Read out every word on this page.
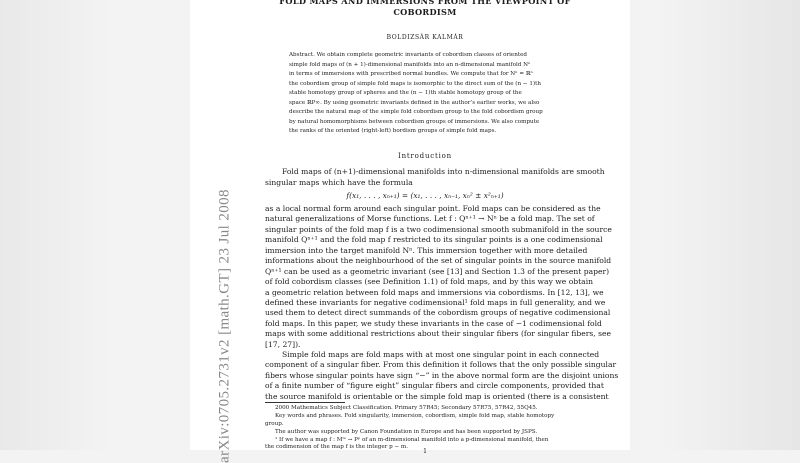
arXiv:0705.2731v2 [math.GT] 23 Jul 2008
FOLD MAPS AND IMMERSIONS FROM THE VIEWPOINT OF
COBORDISM
BOLDIZSÁR KALMÁR
Abstract. We obtain complete geometric invariants of cobordism classes of oriented
simple fold maps of (n + 1)-dimensional manifolds into an n-dimensional manifold Nⁿ
in terms of immersions with prescribed normal bundles. We compute that for Nⁿ = ℝⁿ
the cobordism group of simple fold maps is isomorphic to the direct sum of the (n − 1)th
stable homotopy group of spheres and the (n − 1)th stable homotopy group of the
space ℝP∞. By using geometric invariants defined in the author’s earlier works, we also
describe the natural map of the simple fold cobordism group to the fold cobordism group
by natural homomorphisms between cobordism groups of immersions. We also compute
the ranks of the oriented (right-left) bordism groups of simple fold maps.
Introduction
Fold maps of (n+1)-dimensional manifolds into n-dimensional manifolds are smooth
singular maps which have the formula
f(x₁, . . . , xₙ₊₁) = (x₁, . . . , xₙ₋₁, xₙ² ± x²ₙ₊₁)
as a local normal form around each singular point. Fold maps can be considered as the
natural generalizations of Morse functions. Let f : Qⁿ⁺¹ → Nⁿ be a fold map. The set of
singular points of the fold map f is a two codimensional smooth submanifold in the source
manifold Qⁿ⁺¹ and the fold map f restricted to its singular points is a one codimensional
immersion into the target manifold Nⁿ. This immersion together with more detailed
informations about the neighbourhood of the set of singular points in the source manifold
Qⁿ⁺¹ can be used as a geometric invariant (see [13] and Section 1.3 of the present paper)
of fold cobordism classes (see Definition 1.1) of fold maps, and by this way we obtain
a geometric relation between fold maps and immersions via cobordisms. In [12, 13], we
defined these invariants for negative codimensional¹ fold maps in full generality, and we
used them to detect direct summands of the cobordism groups of negative codimensional
fold maps. In this paper, we study these invariants in the case of −1 codimensional fold
maps with some additional restrictions about their singular fibers (for singular fibers, see
[17, 27]).
Simple fold maps are fold maps with at most one singular point in each connected
component of a singular fiber. From this definition it follows that the only possible singular
fibers whose singular points have sign “−” in the above normal form are the disjoint unions
of a finite number of “figure eight” singular fibers and circle components, provided that
the source manifold is orientable or the simple fold map is oriented (there is a consistent
2000 Mathematics Subject Classification. Primary 57R45; Secondary 57R75, 57R42, 55Q45.
Key words and phrases. Fold singularity, immersion, cobordism, simple fold map, stable homotopy
group.
The author was supported by Canon Foundation in Europe and has been supported by JSPS.
¹ If we have a map f : Mᵐ → Pᵖ of an m-dimensional manifold into a p-dimensional manifold, then
the codimension of the map f is the integer p − m.
1
